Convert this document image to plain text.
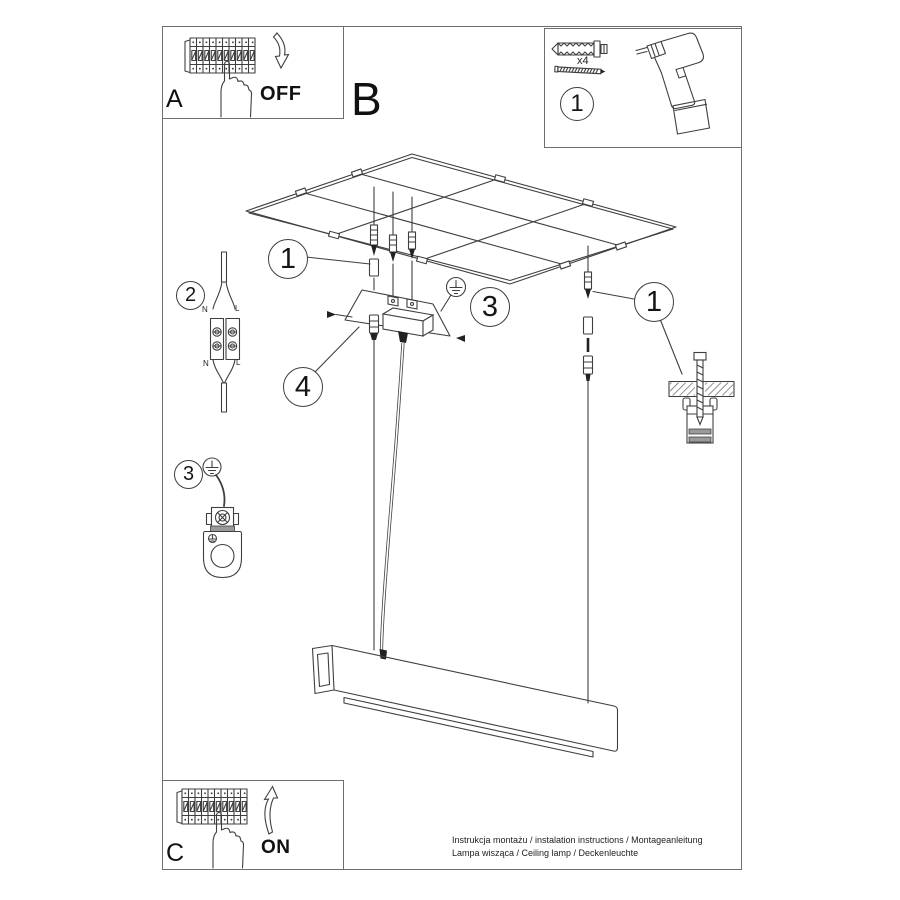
A	OFF B
x4
C	ON
N	L
N	L
1
1
2	3
4
1
3
Instrukcja montażu / instalation instructions / Montageanleitung
Lampa wisząca / Ceiling lamp / Deckenleuchte
